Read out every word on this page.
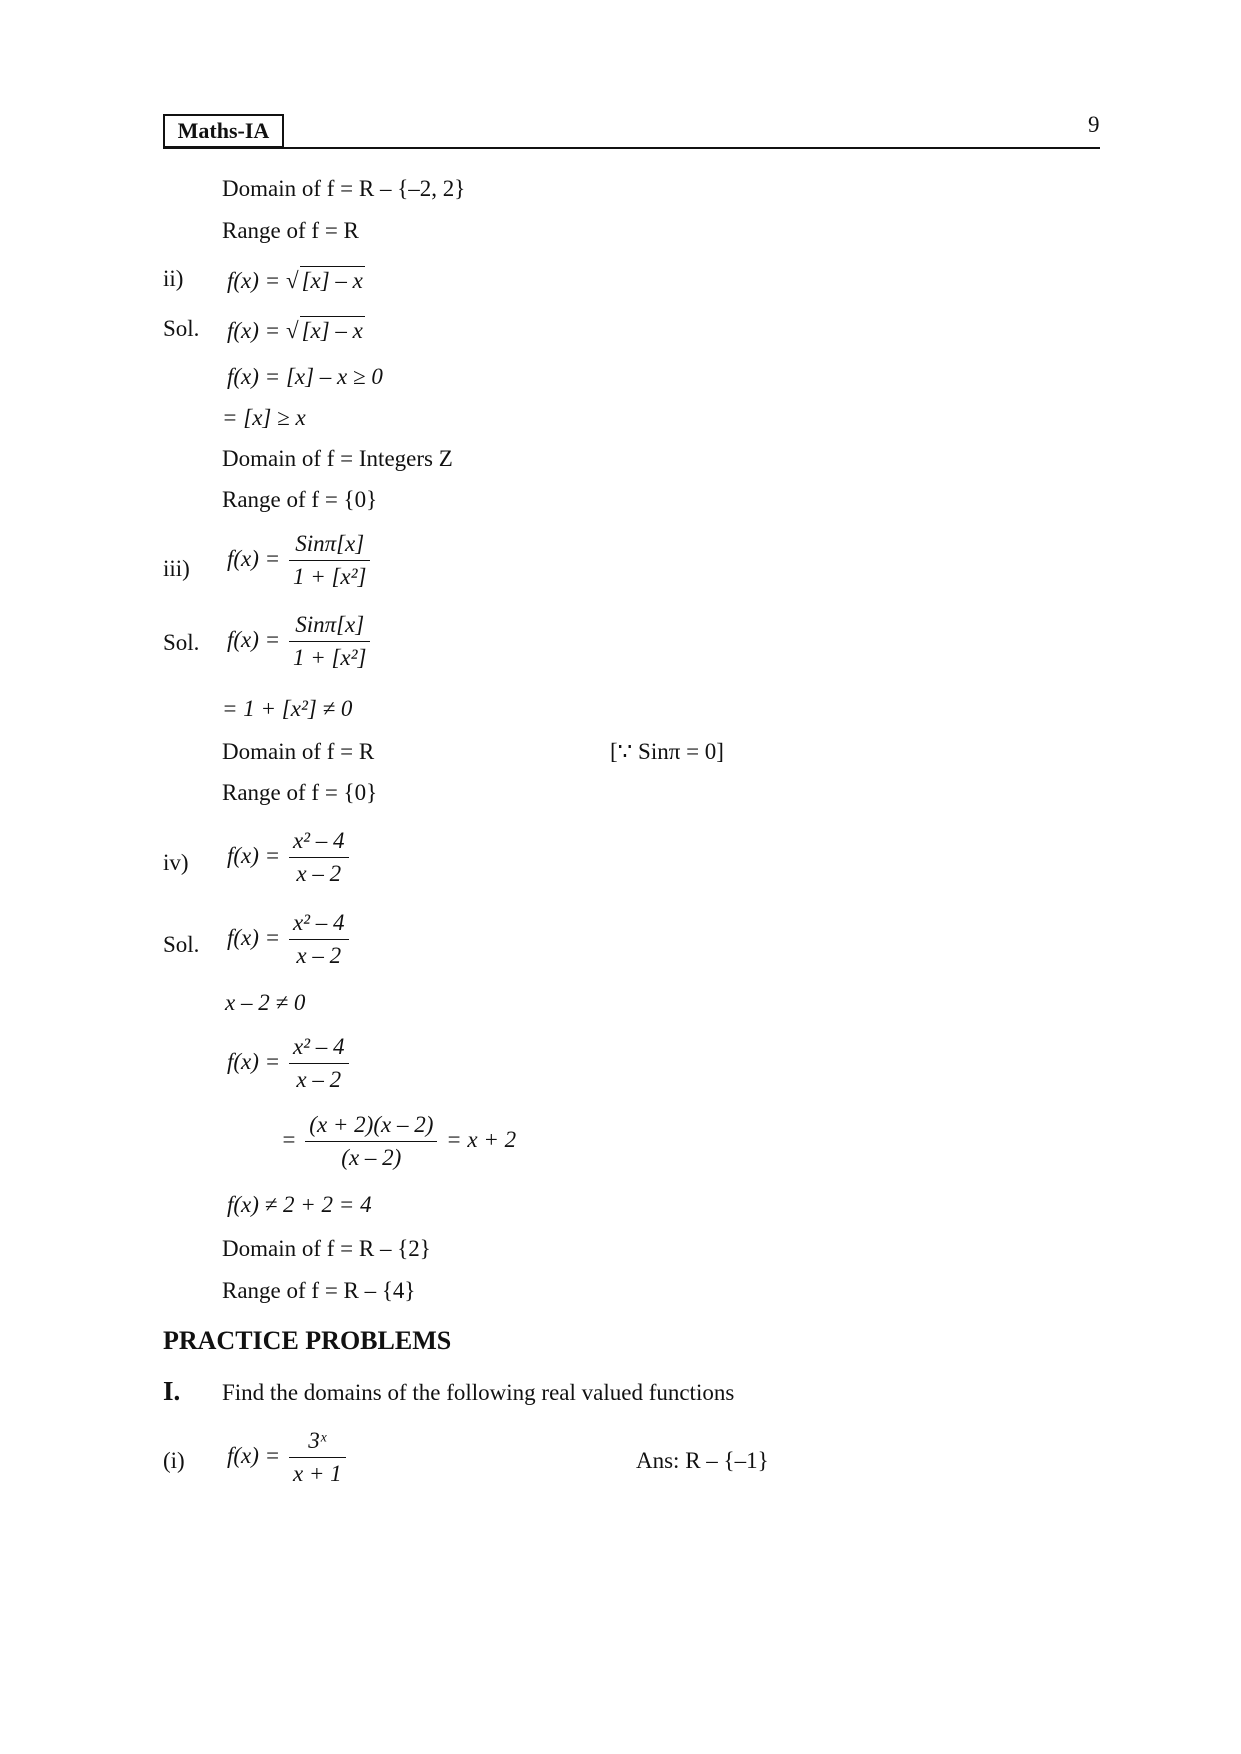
Maths-IA	9
Domain of f = R – {–2, 2}
Range of f = R
ii) f(x) = √ [x] – x
Sol. f(x) = √ [x] – x
f(x) = [x] – x ≥ 0
= [x] ≥ x
Domain of f = Integers Z
Range of f = {0}
iii) $f(x) = \frac{\text{Sinπ[x]}}{\text{1 + [x²]}}$
Sol. $f(x) = \frac{\text{Sinπ[x]}}{\text{1 + [x²]}}$
= 1 + [x²] ≠ 0
Domain of f = R	[∵ Sinπ = 0]
Range of f = {0}
iv) $f(x) = \frac{\text{x² – 4}}{x - 2}$
Sol. $f(x) = \frac{\text{x² – 4}}{x - 2}$
x – 2 ≠ 0
$f(x) = \frac{\text{x² – 4}}{x - 2}$
= $\frac{(x + 2)(x - 2)}{(x - 2)} = x + 2$
f(x) ≠ 2 + 2 = 4
Domain of f = R – {2}
Range of f = R – {4}
PRACTICE PROBLEMS
I. Find the domains of the following real valued functions
(i) $f(x) = \frac{\text{3ˣ}}{x + 1}$	Ans: R – {–1}
